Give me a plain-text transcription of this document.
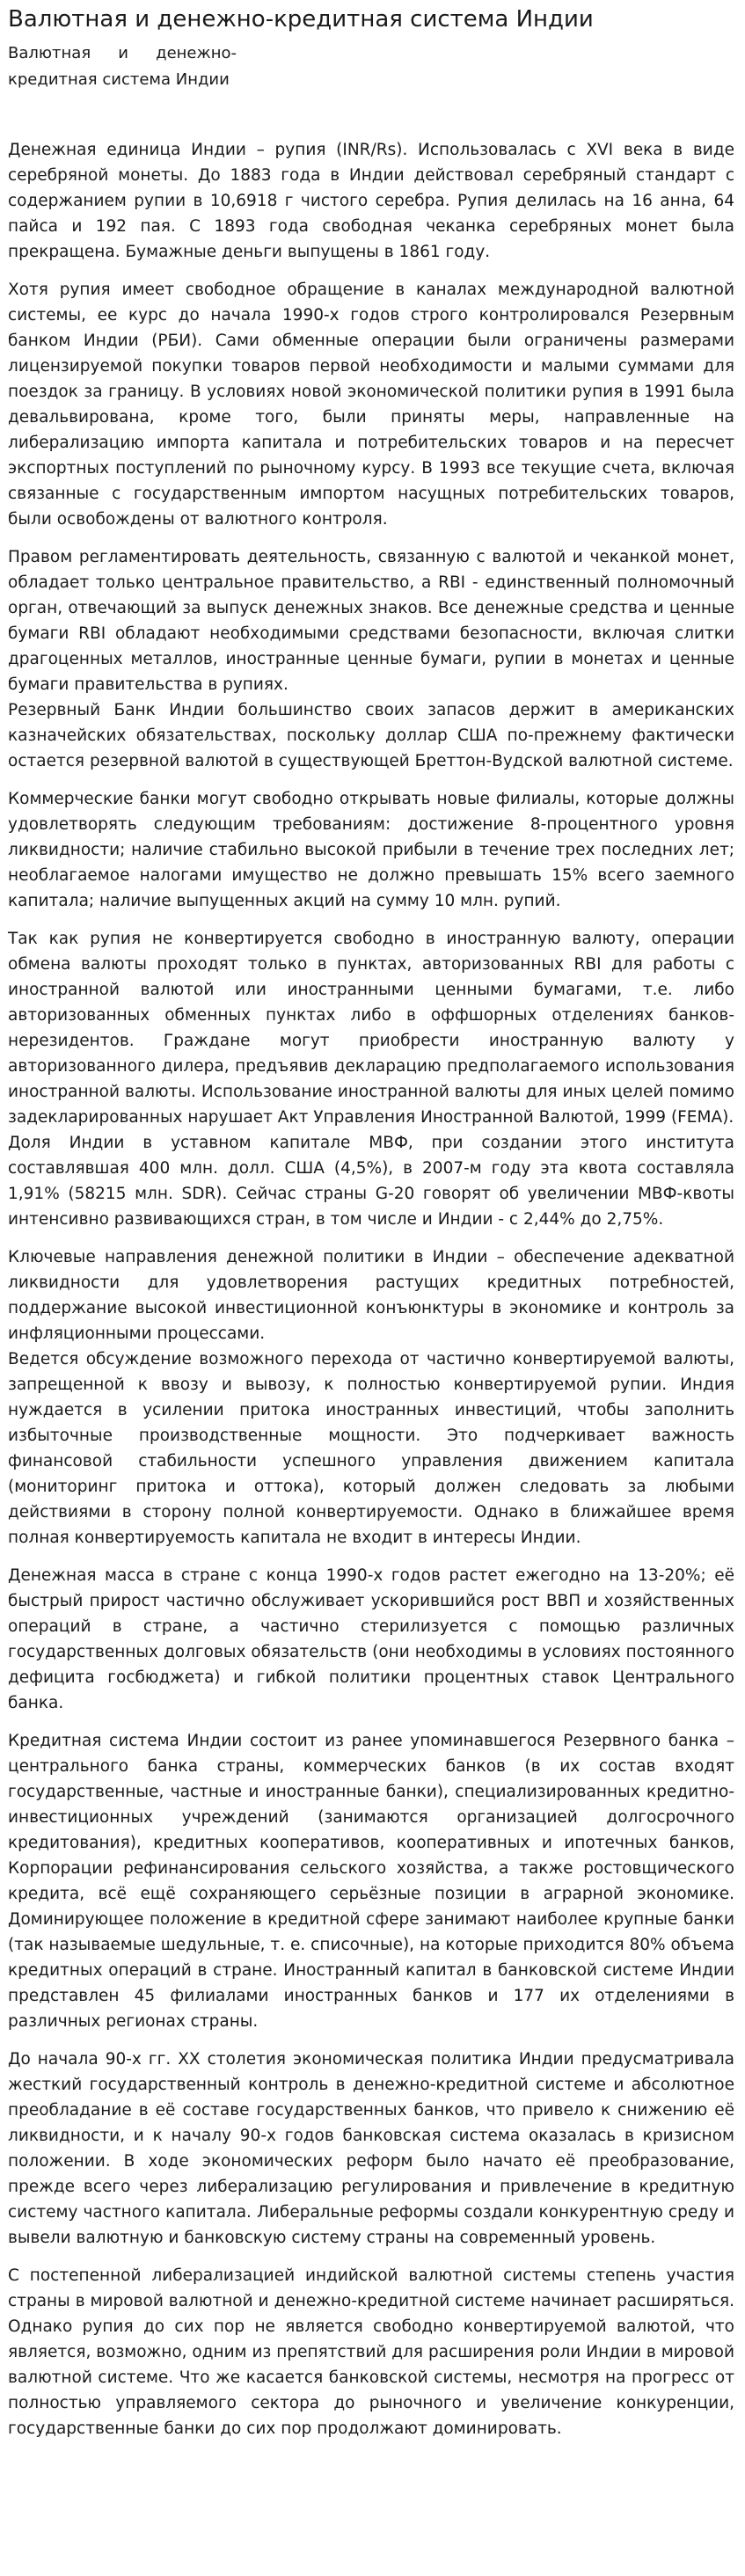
Валютная и денежно-кредитная система Индии
Валютная и денежно-кредитная система Индии

Денежная единица Индии – рупия (INR/Rs). Использовалась с XVI века в виде серебряной монеты. До 1883 года в Индии действовал серебряный стандарт с содержанием рупии в 10,6918 г чистого серебра. Рупия делилась на 16 анна, 64 пайса и 192 пая. С 1893 года свободная чеканка серебряных монет была прекращена. Бумажные деньги выпущены в 1861 году.

Хотя рупия имеет свободное обращение в каналах международной валютной системы, ее курс до начала 1990-х годов строго контролировался Резервным банком Индии (РБИ). Сами обменные операции были ограничены размерами лицензируемой покупки товаров первой необходимости и малыми суммами для поездок за границу. В условиях новой экономической политики рупия в 1991 была девальвирована, кроме того, были приняты меры, направленные на либерализацию импорта капитала и потребительских товаров и на пересчет экспортных поступлений по рыночному курсу. В 1993 все текущие счета, включая связанные с государственным импортом насущных потребительских товаров, были освобождены от валютного контроля.

Правом регламентировать деятельность, связанную с валютой и чеканкой монет, обладает только центральное правительство, а RBI - единственный полномочный орган, отвечающий за выпуск денежных знаков. Все денежные средства и ценные бумаги RBI обладают необходимыми средствами безопасности, включая слитки драгоценных металлов, иностранные ценные бумаги, рупии в монетах и ценные бумаги правительства в рупиях.

Резервный Банк Индии большинство своих запасов держит в американских казначейских обязательствах, поскольку доллар США по-прежнему фактически остается резервной валютой в существующей Бреттон-Вудской валютной системе.

Коммерческие банки могут свободно открывать новые филиалы, которые должны удовлетворять следующим требованиям: достижение 8-процентного уровня ликвидности; наличие стабильно высокой прибыли в течение трех последних лет; необлагаемое налогами имущество не должно превышать 15% всего заемного капитала; наличие выпущенных акций на сумму 10 млн. рупий.

Так как рупия не конвертируется свободно в иностранную валюту, операции обмена валюты проходят только в пунктах, авторизованных RBI для работы с иностранной валютой или иностранными ценными бумагами, т.е. либо авторизованных обменных пунктах либо в оффшорных отделениях банков-нерезидентов. Граждане могут приобрести иностранную валюту у авторизованного дилера, предъявив декларацию предполагаемого использования иностранной валюты. Использование иностранной валюты для иных целей помимо задекларированных нарушает Акт Управления Иностранной Валютой, 1999 (FEMA).

Доля Индии в уставном капитале МВФ, при создании этого института составлявшая 400 млн. долл. США (4,5%), в 2007-м году эта квота составляла 1,91% (58215 млн. SDR). Сейчас страны G-20 говорят об увеличении МВФ-квоты интенсивно развивающихся стран, в том числе и Индии - с 2,44% до 2,75%.

Ключевые направления денежной политики в Индии – обеспечение адекватной ликвидности для удовлетворения растущих кредитных потребностей, поддержание высокой инвестиционной конъюнктуры в экономике и контроль за инфляционными процессами.

Ведется обсуждение возможного перехода от частично конвертируемой валюты, запрещенной к ввозу и вывозу, к полностью конвертируемой рупии. Индия нуждается в усилении притока иностранных инвестиций, чтобы заполнить избыточные производственные мощности. Это подчеркивает важность финансовой стабильности успешного управления движением капитала (мониторинг притока и оттока), который должен следовать за любыми действиями в сторону полной конвертируемости. Однако в ближайшее время полная конвертируемость капитала не входит в интересы Индии.

Денежная масса в стране с конца 1990-х годов растет ежегодно на 13-20%; её быстрый прирост частично обслуживает ускорившийся рост ВВП и хозяйственных операций в стране, а частично стерилизуется с помощью различных государственных долговых обязательств (они необходимы в условиях постоянного дефицита госбюджета) и гибкой политики процентных ставок Центрального банка.

Кредитная система Индии состоит из ранее упоминавшегося Резервного банка – центрального банка страны, коммерческих банков (в их состав входят государственные, частные и иностранные банки), специализированных кредитно-инвестиционных учреждений (занимаются организацией долгосрочного кредитования), кредитных кооперативов, кооперативных и ипотечных банков, Корпорации рефинансирования сельского хозяйства, а также ростовщического кредита, всё ещё сохраняющего серьёзные позиции в аграрной экономике. Доминирующее положение в кредитной сфере занимают наиболее крупные банки (так называемые шедульные, т. е. списочные), на которые приходится 80% объема кредитных операций в стране. Иностранный капитал в банковской системе Индии представлен 45 филиалами иностранных банков и 177 их отделениями в различных регионах страны.

До начала 90-х гг. XX столетия экономическая политика Индии предусматривала жесткий государственный контроль в денежно-кредитной системе и абсолютное преобладание в её составе государственных банков, что привело к снижению её ликвидности, и к началу 90-х годов банковская система оказалась в кризисном положении. В ходе экономических реформ было начато её преобразование, прежде всего через либерализацию регулирования и привлечение в кредитную систему частного капитала. Либеральные реформы создали конкурентную среду и вывели валютную и банковскую систему страны на современный уровень.

С постепенной либерализацией индийской валютной системы степень участия страны в мировой валютной и денежно-кредитной системе начинает расширяться. Однако рупия до сих пор не является свободно конвертируемой валютой, что является, возможно, одним из препятствий для расширения роли Индии в мировой валютной системе. Что же касается банковской системы, несмотря на прогресс от полностью управляемого сектора до рыночного и увеличение конкуренции, государственные банки до сих пор продолжают доминировать.
